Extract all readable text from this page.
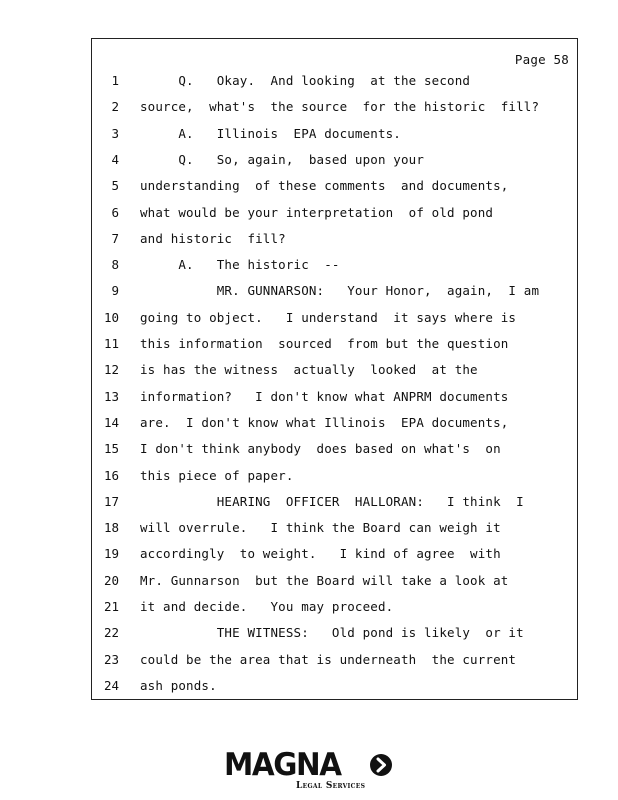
Page 58
1 Q.   Okay.  And looking  at the second
2 source,  what's  the source  for the historic  fill?
3 A.   Illinois  EPA documents.
4 Q.   So, again,  based upon your
5 understanding  of these comments  and documents,
6 what would be your interpretation  of old pond
7 and historic  fill?
8 A.   The historic  --
9 MR. GUNNARSON:   Your Honor,  again,  I am
10 going to object.   I understand  it says where is
11 this information  sourced  from but the question
12 is has the witness  actually  looked  at the
13 information?   I don't know what ANPRM documents
14 are.  I don't know what Illinois  EPA documents,
15 I don't think anybody  does based on what's  on
16 this piece of paper.
17 HEARING  OFFICER  HALLORAN:   I think  I
18 will overrule.   I think the Board can weigh it
19 accordingly  to weight.   I kind of agree  with
20 Mr. Gunnarson  but the Board will take a look at
21 it and decide.   You may proceed.
22 THE WITNESS:   Old pond is likely  or it
23 could be the area that is underneath  the current
24 ash ponds.
MAGNA
Legal Services
